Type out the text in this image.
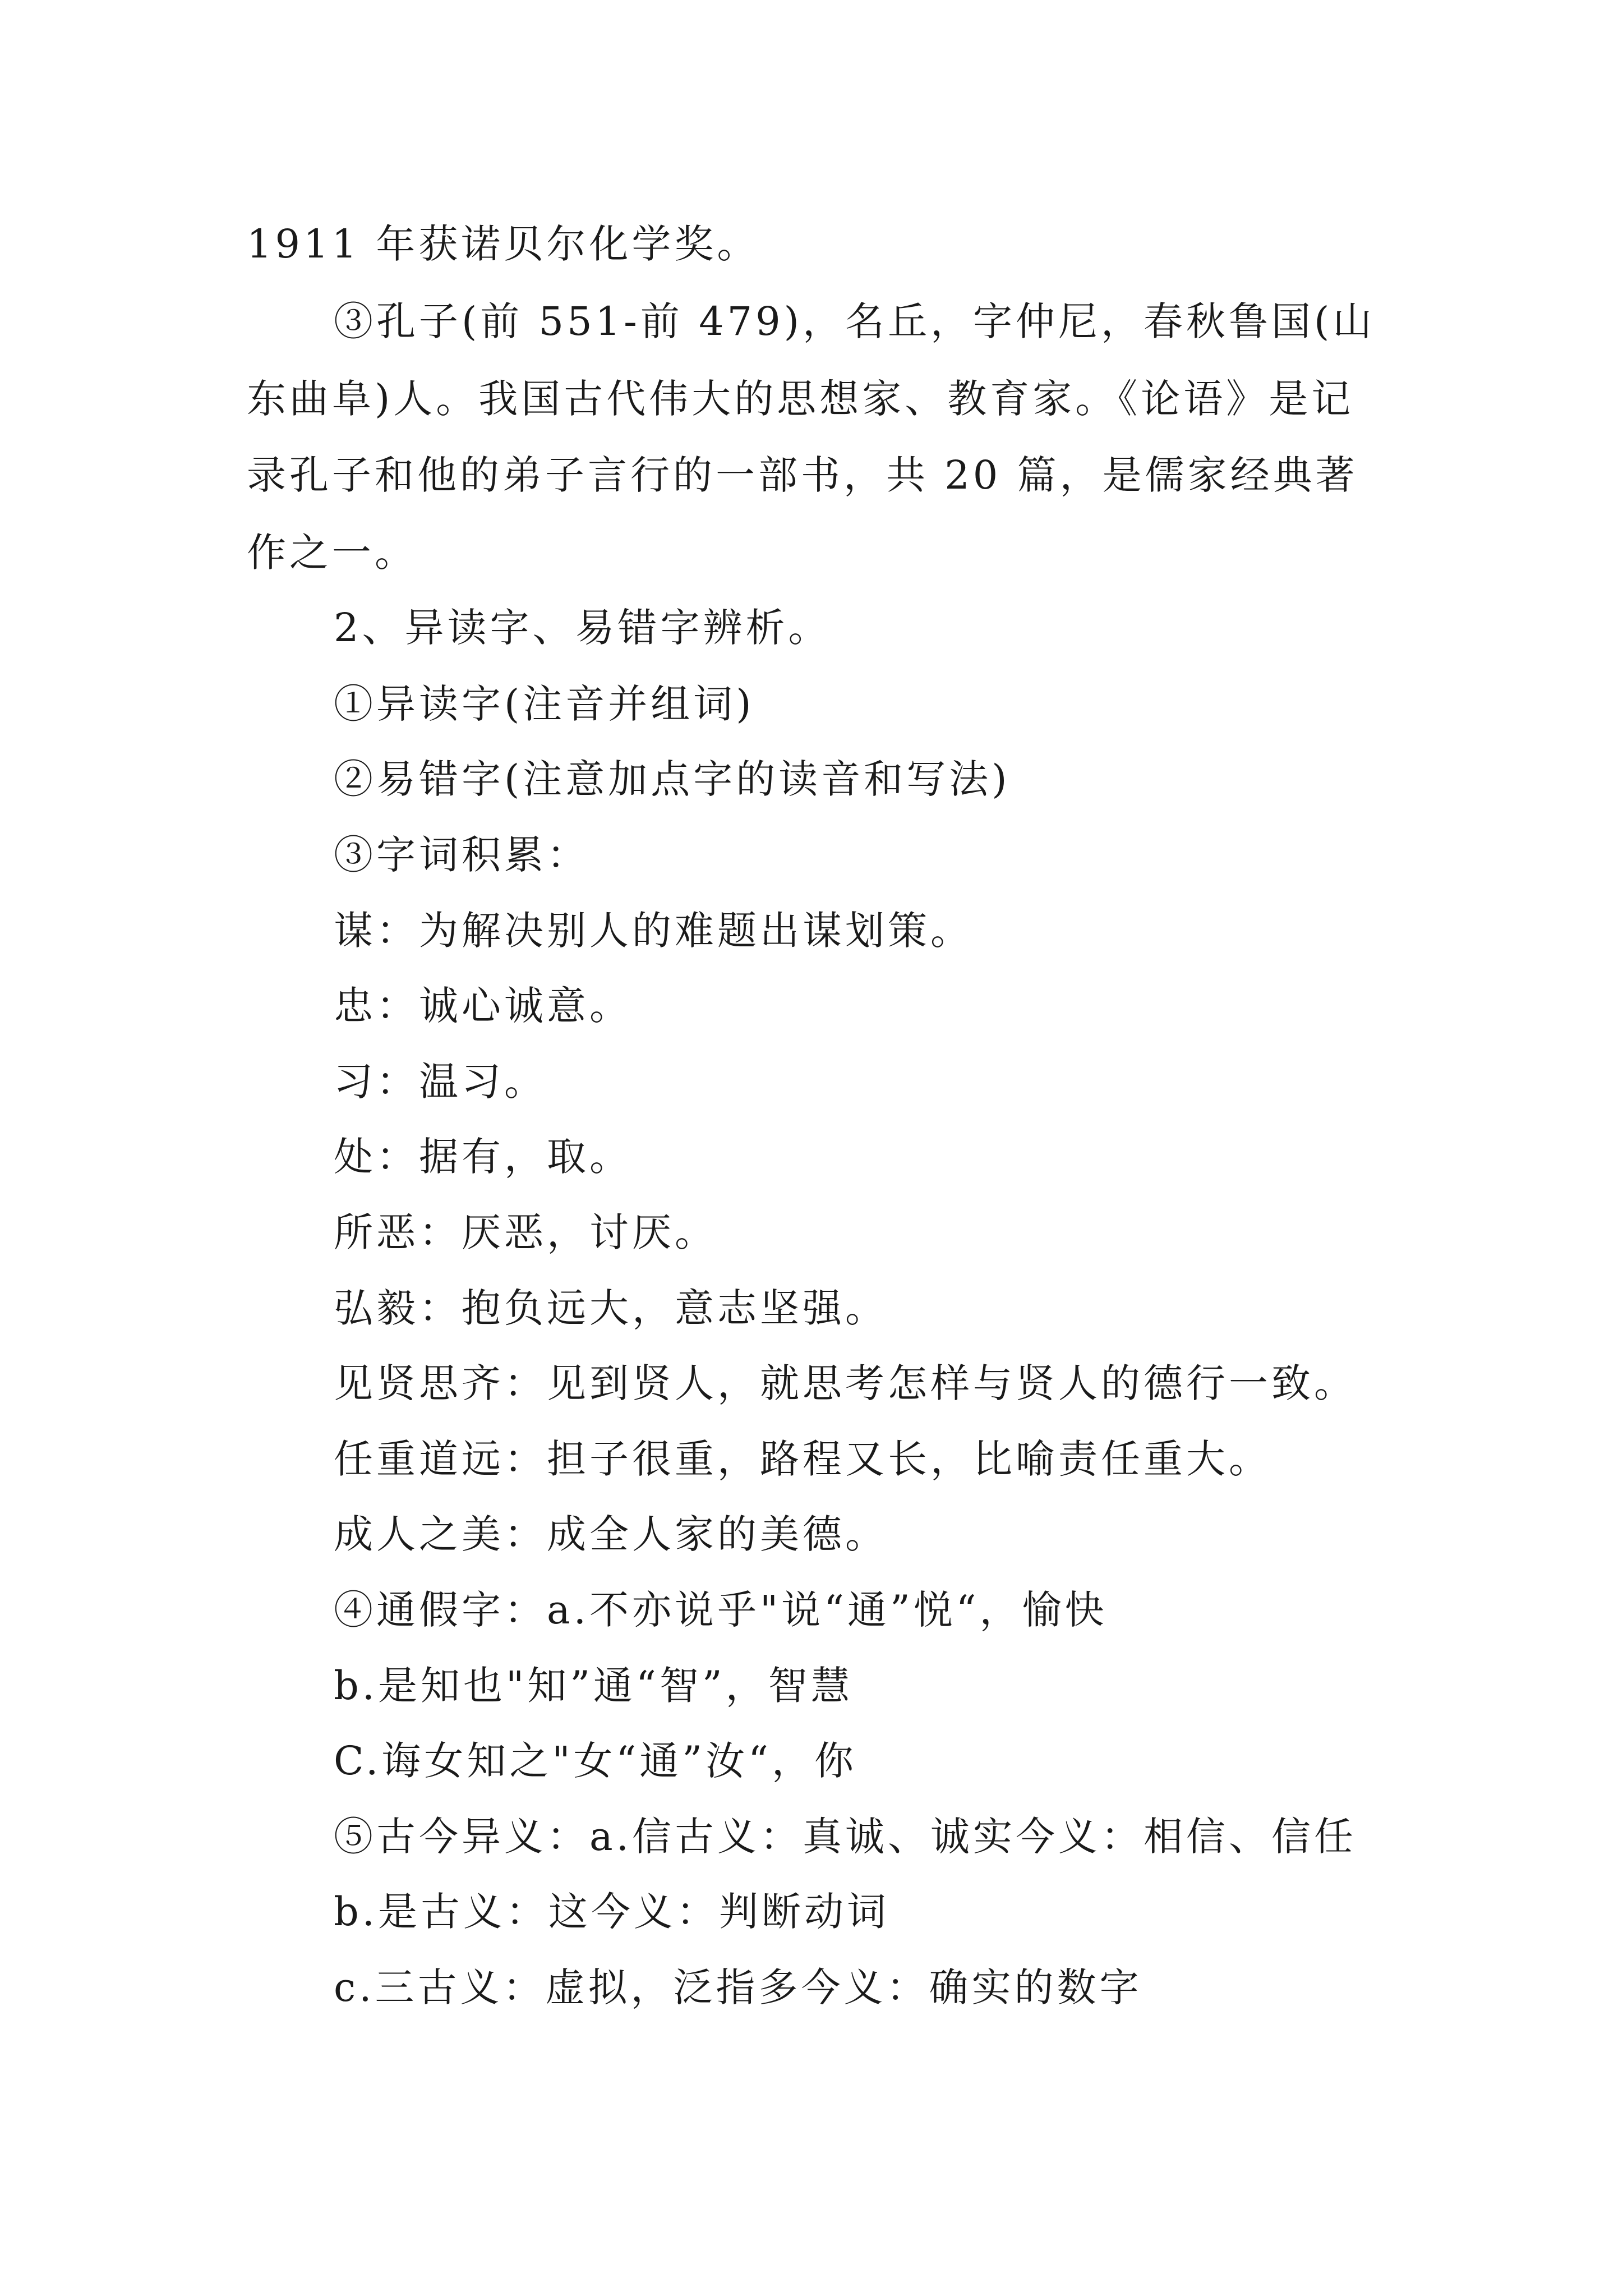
1911 年获诺贝尔化学奖。
③孔子(前 551-前 479)，名丘，字仲尼，春秋鲁国(山
东曲阜)人。我国古代伟大的思想家、教育家。《论语》是记
录孔子和他的弟子言行的一部书，共 20 篇，是儒家经典著
作之一。
2、异读字、易错字辨析。
①异读字(注音并组词)
②易错字(注意加点字的读音和写法)
③字词积累：
谋：为解决别人的难题出谋划策。
忠：诚心诚意。
习：温习。
处：据有，取。
所恶：厌恶，讨厌。
弘毅：抱负远大，意志坚强。
见贤思齐：见到贤人，就思考怎样与贤人的德行一致。
任重道远：担子很重，路程又长，比喻责任重大。
成人之美：成全人家的美德。
④通假字：a.不亦说乎"说“通”悦“，愉快
b.是知也"知”通“智”，智慧
C.诲女知之"女“通”汝“，你
⑤古今异义：a.信古义：真诚、诚实今义：相信、信任
b.是古义：这今义：判断动词
c.三古义：虚拟，泛指多今义：确实的数字
